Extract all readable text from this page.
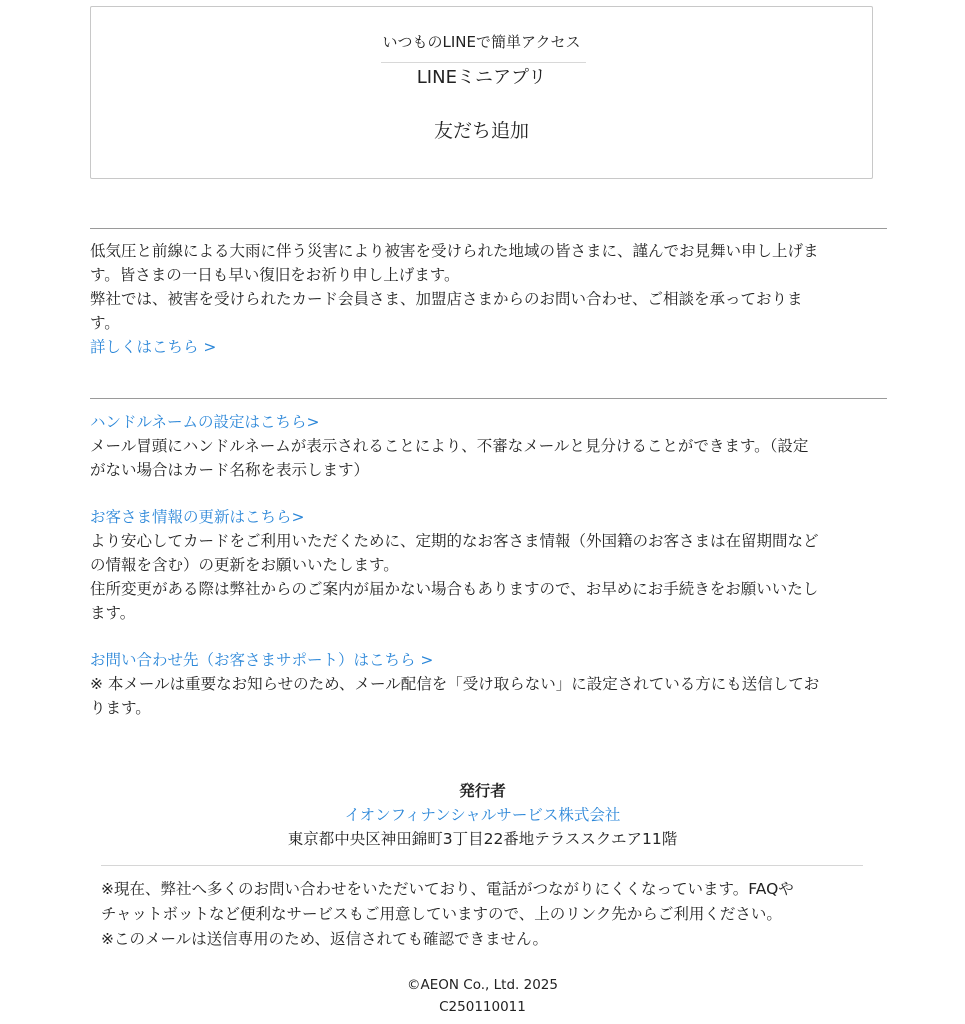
いつものLINEで簡単アクセス
LINEミニアプリ
友だち追加
低気圧と前線による大雨に伴う災害により被害を受けられた地域の皆さまに、謹んでお見舞い申し上げま
す。皆さまの一日も早い復旧をお祈り申し上げます。
弊社では、被害を受けられたカード会員さま、加盟店さまからのお問い合わせ、ご相談を承っておりま
す。
詳しくはこちら >
ハンドルネームの設定はこちら>
メール冒頭にハンドルネームが表示されることにより、不審なメールと見分けることができます。（設定
がない場合はカード名称を表示します）
お客さま情報の更新はこちら>
より安心してカードをご利用いただくために、定期的なお客さま情報（外国籍のお客さまは在留期間など
の情報を含む）の更新をお願いいたします。
住所変更がある際は弊社からのご案内が届かない場合もありますので、お早めにお手続きをお願いいたし
ます。
お問い合わせ先（お客さまサポート）はこちら >
※ 本メールは重要なお知らせのため、メール配信を「受け取らない」に設定されている方にも送信してお
ります。
発行者
イオンフィナンシャルサービス株式会社
東京都中央区神田錦町3丁目22番地テラススクエア11階
※現在、弊社へ多くのお問い合わせをいただいており、電話がつながりにくくなっています。FAQや
チャットボットなど便利なサービスもご用意していますので、上のリンク先からご利用ください。
※このメールは送信専用のため、返信されても確認できません。
©AEON Co., Ltd. 2025
C250110011
